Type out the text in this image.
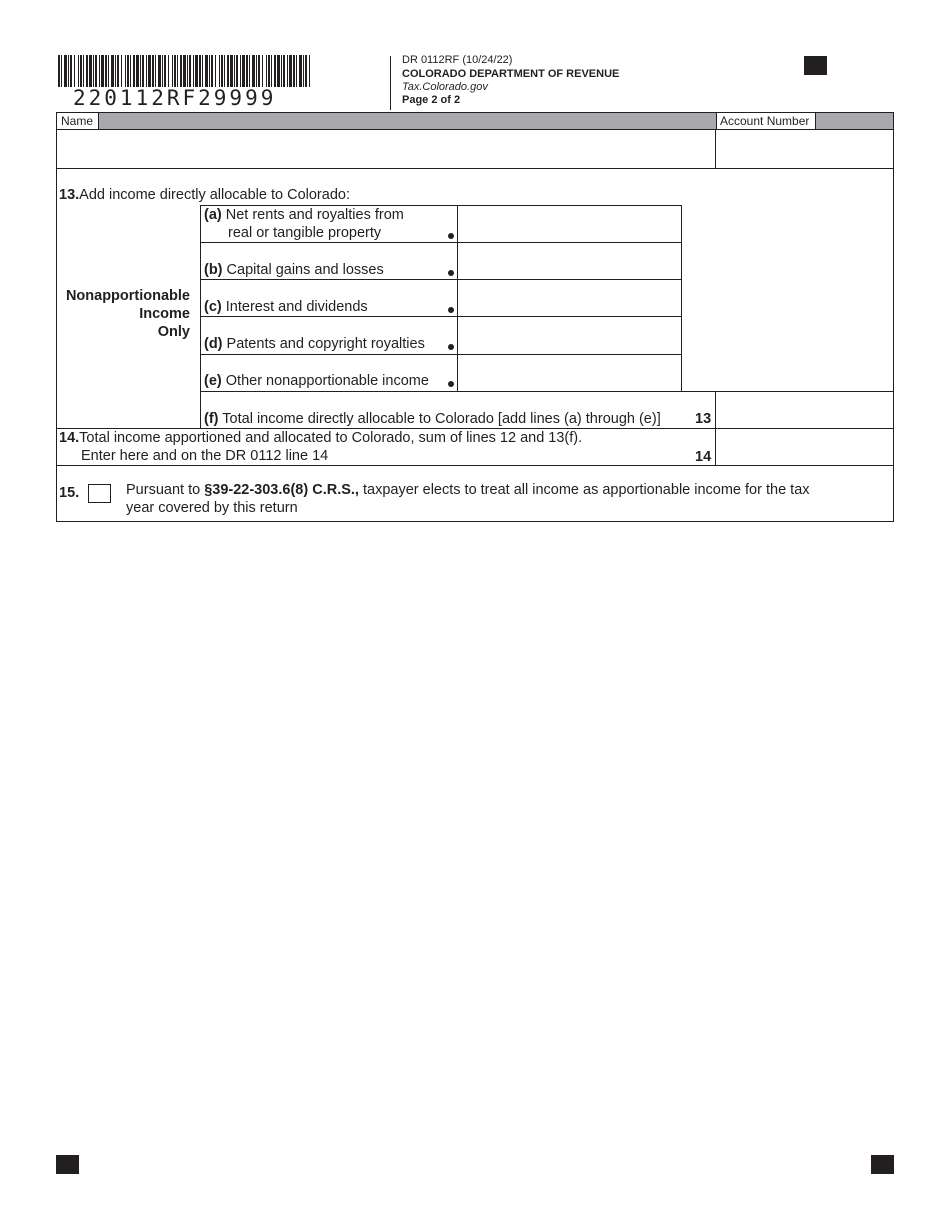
220112RF29999
DR 0112RF (10/24/22)
COLORADO DEPARTMENT OF REVENUE
Tax.Colorado.gov
Page 2 of 2
Name	Account Number
13.Add income directly allocable to Colorado:
Nonapportionable
Income
Only
(a) Net rents and royalties from
real or tangible property
(b) Capital gains and losses
(c) Interest and dividends
(d) Patents and copyright royalties
(e) Other nonapportionable income
(f) Total income directly allocable to Colorado [add lines (a) through (e)] 13
14.Total income apportioned and allocated to Colorado, sum of lines 12 and 13(f).
Enter here and on the DR 0112 line 14	14
15.	Pursuant to §39-22-303.6(8) C.R.S., taxpayer elects to treat all income as apportionable income for the tax
year covered by this return
